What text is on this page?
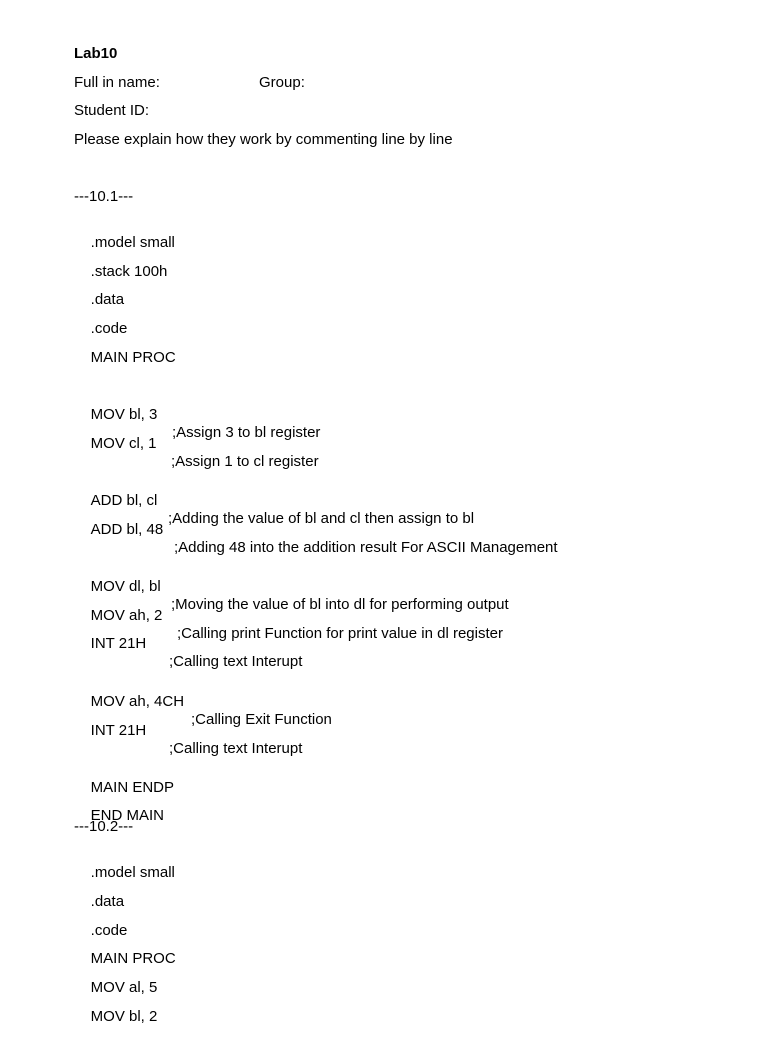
Lab10
Full in name:	Group:
Student ID:
Please explain how they work by commenting line by line
---10.1---

.model small

.stack 100h

.data

.code

MAIN PROC

MOV bl, 3

;Assign 3 to bl register

MOV cl, 1

;Assign 1 to cl register

ADD bl, cl

;Adding the value of bl and cl then assign to bl

ADD bl, 48

;Adding 48 into the addition result For ASCII Management

MOV dl, bl

;Moving the value of bl into dl for performing output

MOV ah, 2

;Calling print Function for print value in dl register

INT 21H

;Calling text Interupt

MOV ah, 4CH

;Calling Exit Function

INT 21H

;Calling text Interupt

MAIN ENDP

END MAIN

---10.2---

.model small

.data

.code

MAIN PROC

MOV al, 5

MOV bl, 2
